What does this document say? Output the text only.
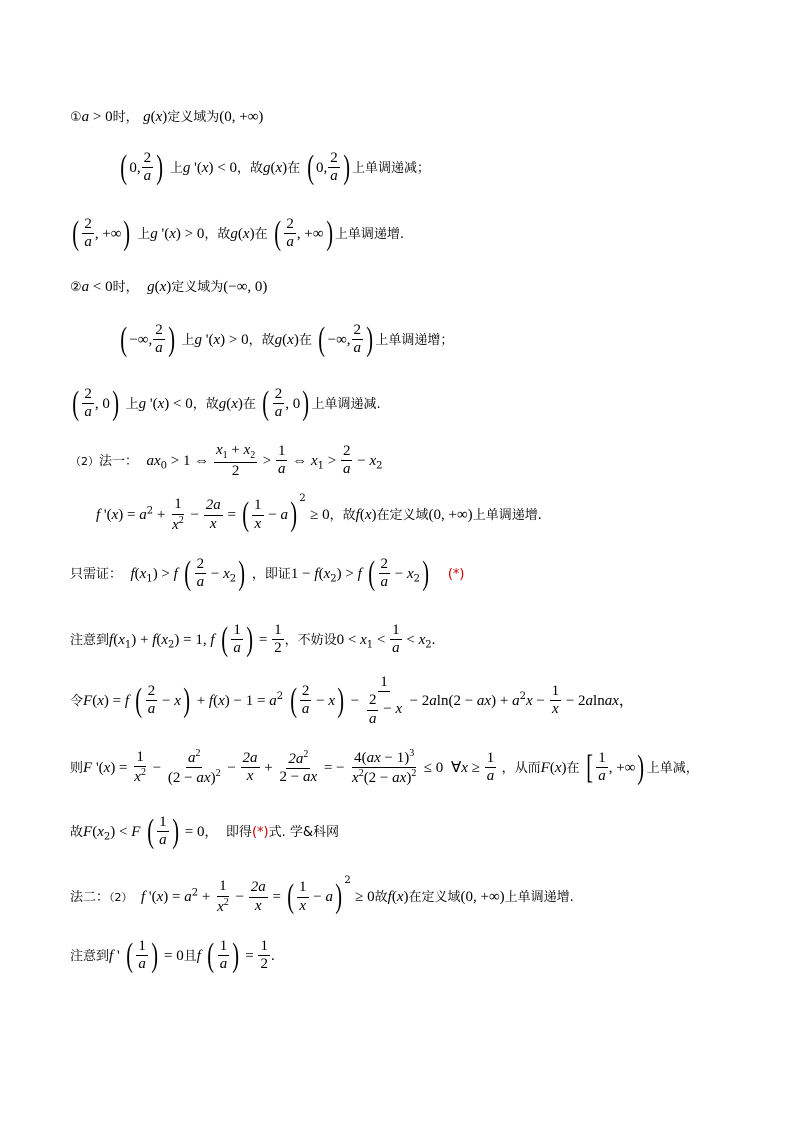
①a > 0时， g(x)定义域为(0, +∞)
( 0, $\frac{2}{a}$ ) 上g '(x) < 0，故g(x)在 ( 0, $\frac{2}{a}$ ) 上单调递减；
( $\frac{2}{a}$ , +∞) 上g '(x) > 0，故g(x)在 ( $\frac{2}{a}$ , +∞) 上单调递增.
②a < 0时， g(x)定义域为(−∞, 0)
( −∞, $\frac{2}{a}$ ) 上g '(x) > 0，故g(x)在 ( −∞, $\frac{2}{a}$ ) 上单调递增；
( $\frac{2}{a}$ , 0) 上g '(x) < 0，故g(x)在 ( $\frac{2}{a}$ , 0) 上单调递减.
（2）法一： $ax_0 > 1$ ⇔ $\frac{x_1 + x_2}{2} > \frac{1}{a}$ ⇔ $x_1 > \frac{2}{a} - x_2$
f '$(x) = a^2 + \frac{1}{x^2} - \frac{2a}{x}$ = ( $\frac{1}{x} - a$) $^2$ ≥ 0，故f(x)在定义域(0, +∞)上单调递增.
只需证： $f(x_1) > f$ ( $\frac{2}{a} - x_2$) ，即证$1 - f(x_2) > f$ ( $\frac{2}{a} - x_2$) (*)
注意到$f(x_1) + f(x_2) = 1$, f ( $\frac{1}{a}$ ) = $\frac{1}{2}$ ，不妨设$0 < x_1 < \frac{1}{a} < x_2$.
令F(x) = f ( $\frac{2}{a} - x) + f(x) - 1 = a^2$ ( $\frac{2}{a} - x) - \frac{1}{\frac{2}{a} - x} - 2aln(2 - ax) + a^2x - \frac{1}{x}$ − 2alnax，
则F '$(x) = \frac{1}{x^2} - \frac{a^2}{(2 - ax)^2} - \frac{2a}{x} + \frac{2a^2}{2 - ax}$ = − $\frac{4(ax - 1)^3}{x^2(2 - ax)^2} \le 0$ ∀x ≥ $\frac{1}{a}$ ，从而F(x)在 [ $\frac{1}{a}$ , +∞) 上单减，
故$F(x_2) < F$ ( $\frac{1}{a}$ ) = 0， 即得(*)式. 学&科网
法二：（2） f '$(x) = a^2 + \frac{1}{x^2} - \frac{2a}{x}$ = ( $\frac{1}{x} - a$) $^2$ ≥ 0故f(x)在定义域(0, +∞)上单调递增.
注意到f ' ( $\frac{1}{a}$ ) = 0且f ( $\frac{1}{a}$ ) = $\frac{1}{2}$ .
